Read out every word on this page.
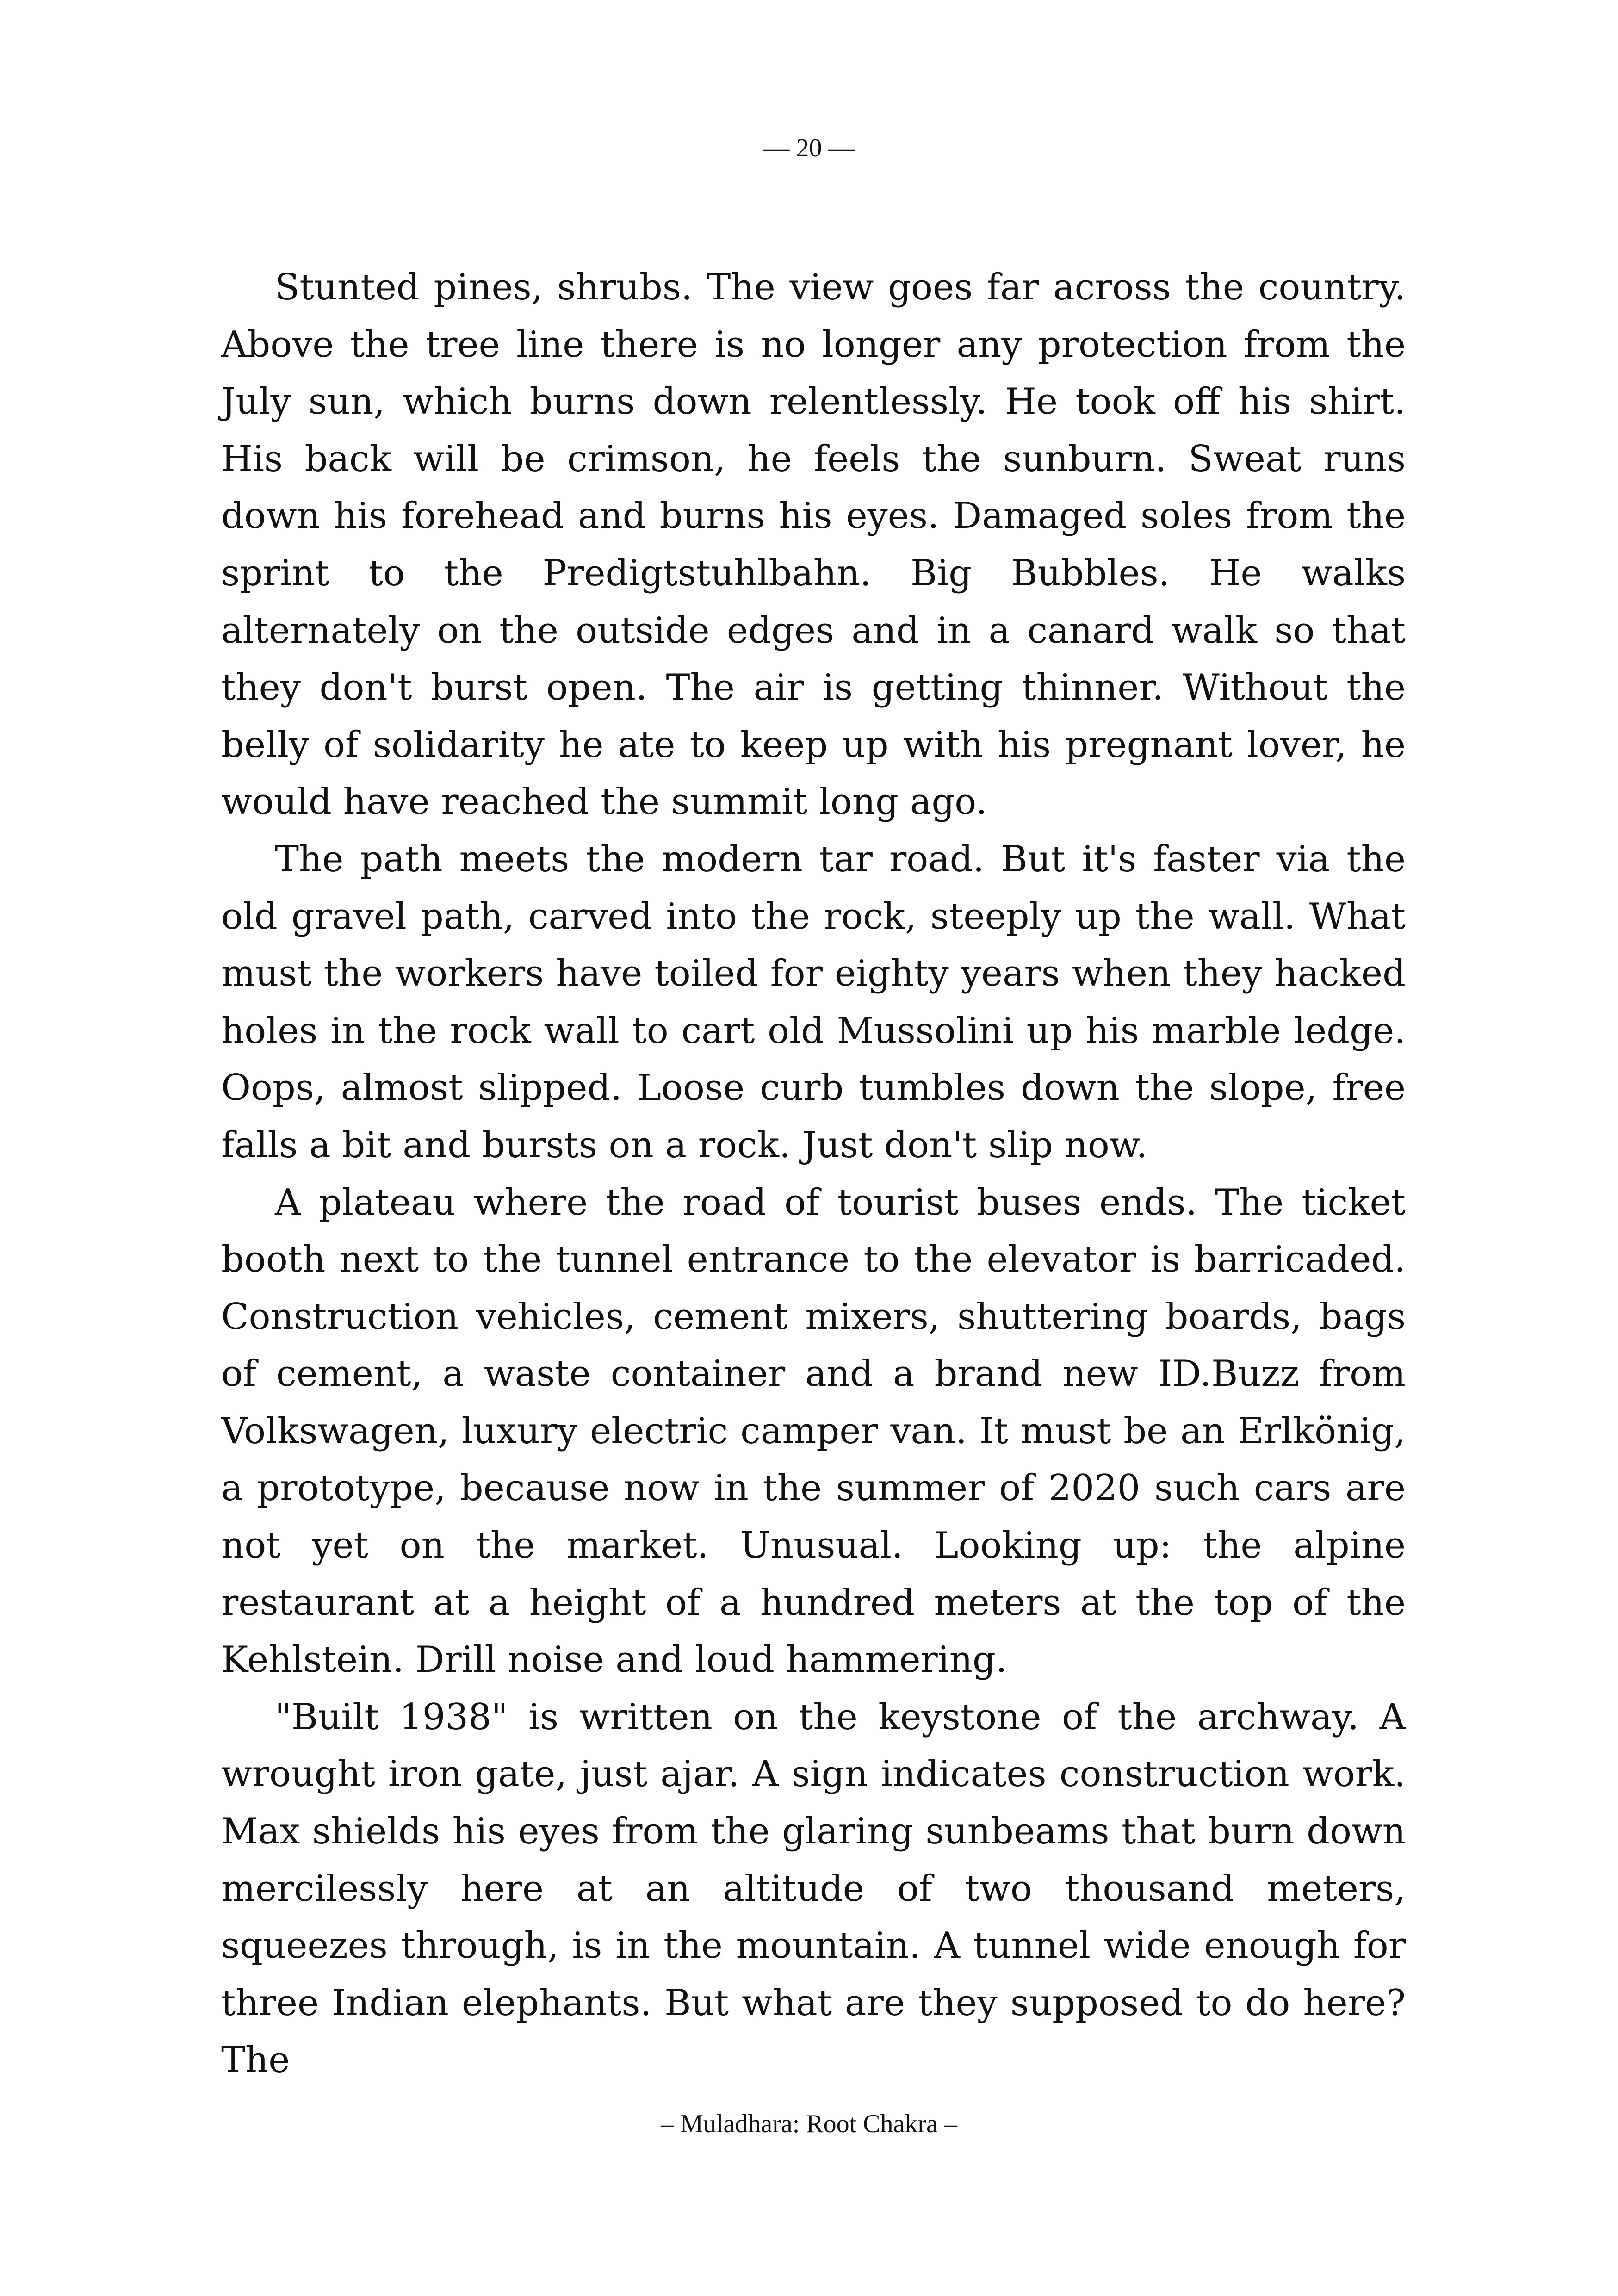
— 20 —

Stunted pines, shrubs. The view goes far across the country. Above the tree line there is no longer any protection from the July sun, which burns down relentlessly. He took off his shirt. His back will be crimson, he feels the sunburn. Sweat runs down his forehead and burns his eyes. Damaged soles from the sprint to the Predigtstuhlbahn. Big Bubbles. He walks alternately on the outside edges and in a canard walk so that they don't burst open. The air is getting thinner. Without the belly of solidarity he ate to keep up with his pregnant lover, he would have reached the summit long ago.

The path meets the modern tar road. But it's faster via the old gravel path, carved into the rock, steeply up the wall. What must the workers have toiled for eighty years when they hacked holes in the rock wall to cart old Mussolini up his marble ledge. Oops, almost slipped. Loose curb tumbles down the slope, free falls a bit and bursts on a rock. Just don't slip now.

A plateau where the road of tourist buses ends. The ticket booth next to the tunnel entrance to the elevator is barricaded. Construction vehicles, cement mixers, shuttering boards, bags of cement, a waste container and a brand new ID.Buzz from Volkswagen, luxury electric camper van. It must be an Erlkönig, a prototype, because now in the summer of 2020 such cars are not yet on the market. Unusual. Looking up: the alpine restaurant at a height of a hundred meters at the top of the Kehlstein. Drill noise and loud hammering.

"Built 1938" is written on the keystone of the archway. A wrought iron gate, just ajar. A sign indicates construction work. Max shields his eyes from the glaring sunbeams that burn down mercilessly here at an altitude of two thousand meters, squeezes through, is in the mountain. A tunnel wide enough for three Indian elephants. But what are they supposed to do here? The

– Muladhara: Root Chakra –
